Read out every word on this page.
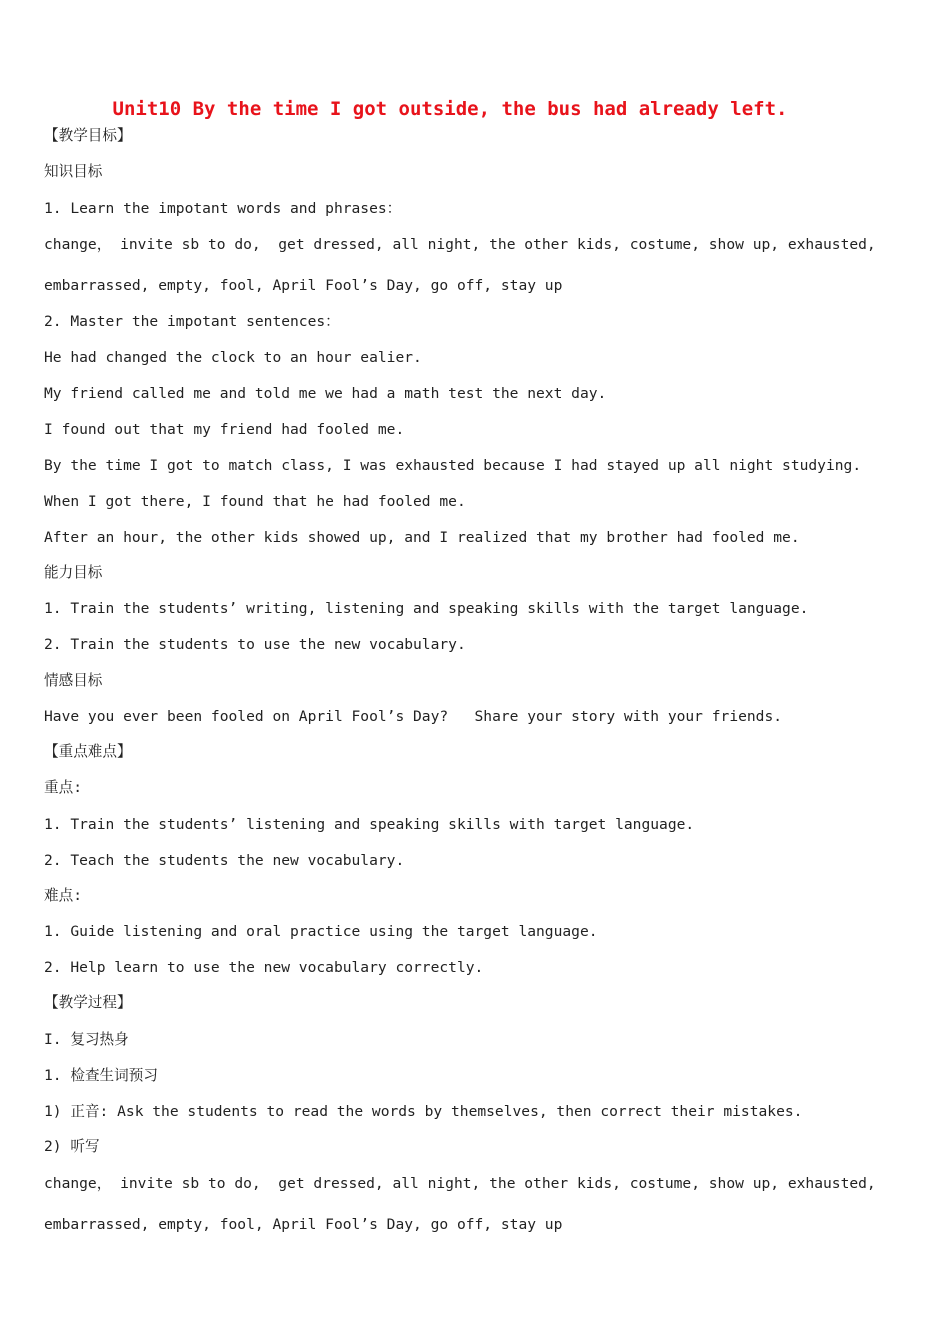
Unit10 By the time I got outside, the bus had already left.
【教学目标】
知识目标
1. Learn the impotant words and phrases：
change， invite sb to do,  get dressed, all night, the other kids, costume, show up, exhausted,
embarrassed, empty, fool, April Fool’s Day, go off, stay up
2. Master the impotant sentences：
He had changed the clock to an hour ealier.
My friend called me and told me we had a math test the next day.
I found out that my friend had fooled me.
By the time I got to match class, I was exhausted because I had stayed up all night studying.
When I got there, I found that he had fooled me.
After an hour, the other kids showed up, and I realized that my brother had fooled me.
能力目标
1. Train the students’ writing, listening and speaking skills with the target language.
2. Train the students to use the new vocabulary.
情感目标
Have you ever been fooled on April Fool’s Day?   Share your story with your friends.
【重点难点】
重点:
1. Train the students’ listening and speaking skills with target language.
2. Teach the students the new vocabulary.
难点:
1. Guide listening and oral practice using the target language.
2. Help learn to use the new vocabulary correctly.
【教学过程】
I. 复习热身
1. 检查生词预习
1) 正音: Ask the students to read the words by themselves, then correct their mistakes.
2) 听写
change， invite sb to do,  get dressed, all night, the other kids, costume, show up, exhausted,
embarrassed, empty, fool, April Fool’s Day, go off, stay up
